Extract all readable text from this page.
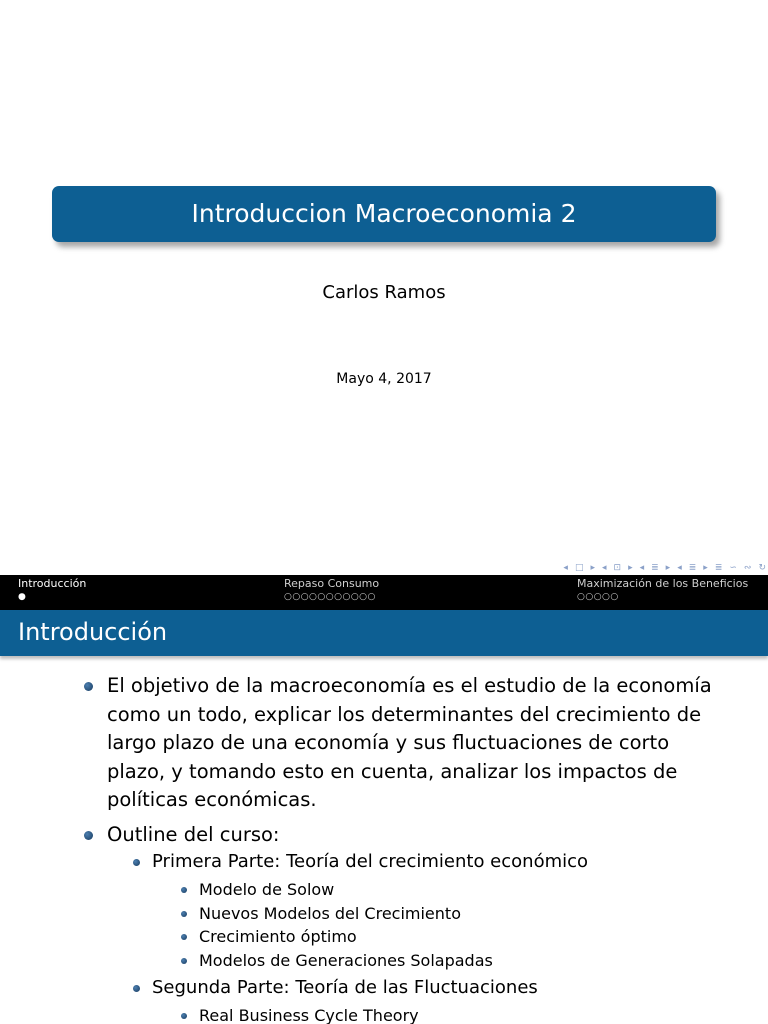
Introduccion Macroeconomia 2
Carlos Ramos
Mayo 4, 2017
◂ □ ▸ ◂ ⊡ ▸ ◂ ≣ ▸ ◂ ≣ ▸ ≣ ∽ ∾ ↻
Introducción
●
Repaso Consumo
○○○○○○○○○○○
Maximización de los Beneficios
○○○○○
Introducción
El objetivo de la macroeconomía es el estudio de la economía como un todo, explicar los determinantes del crecimiento de largo plazo de una economía y sus fluctuaciones de corto plazo, y tomando esto en cuenta, analizar los impactos de políticas económicas.
Outline del curso:
Primera Parte: Teoría del crecimiento económico
Modelo de Solow
Nuevos Modelos del Crecimiento
Crecimiento óptimo
Modelos de Generaciones Solapadas
Segunda Parte: Teoría de las Fluctuaciones
Real Business Cycle Theory
